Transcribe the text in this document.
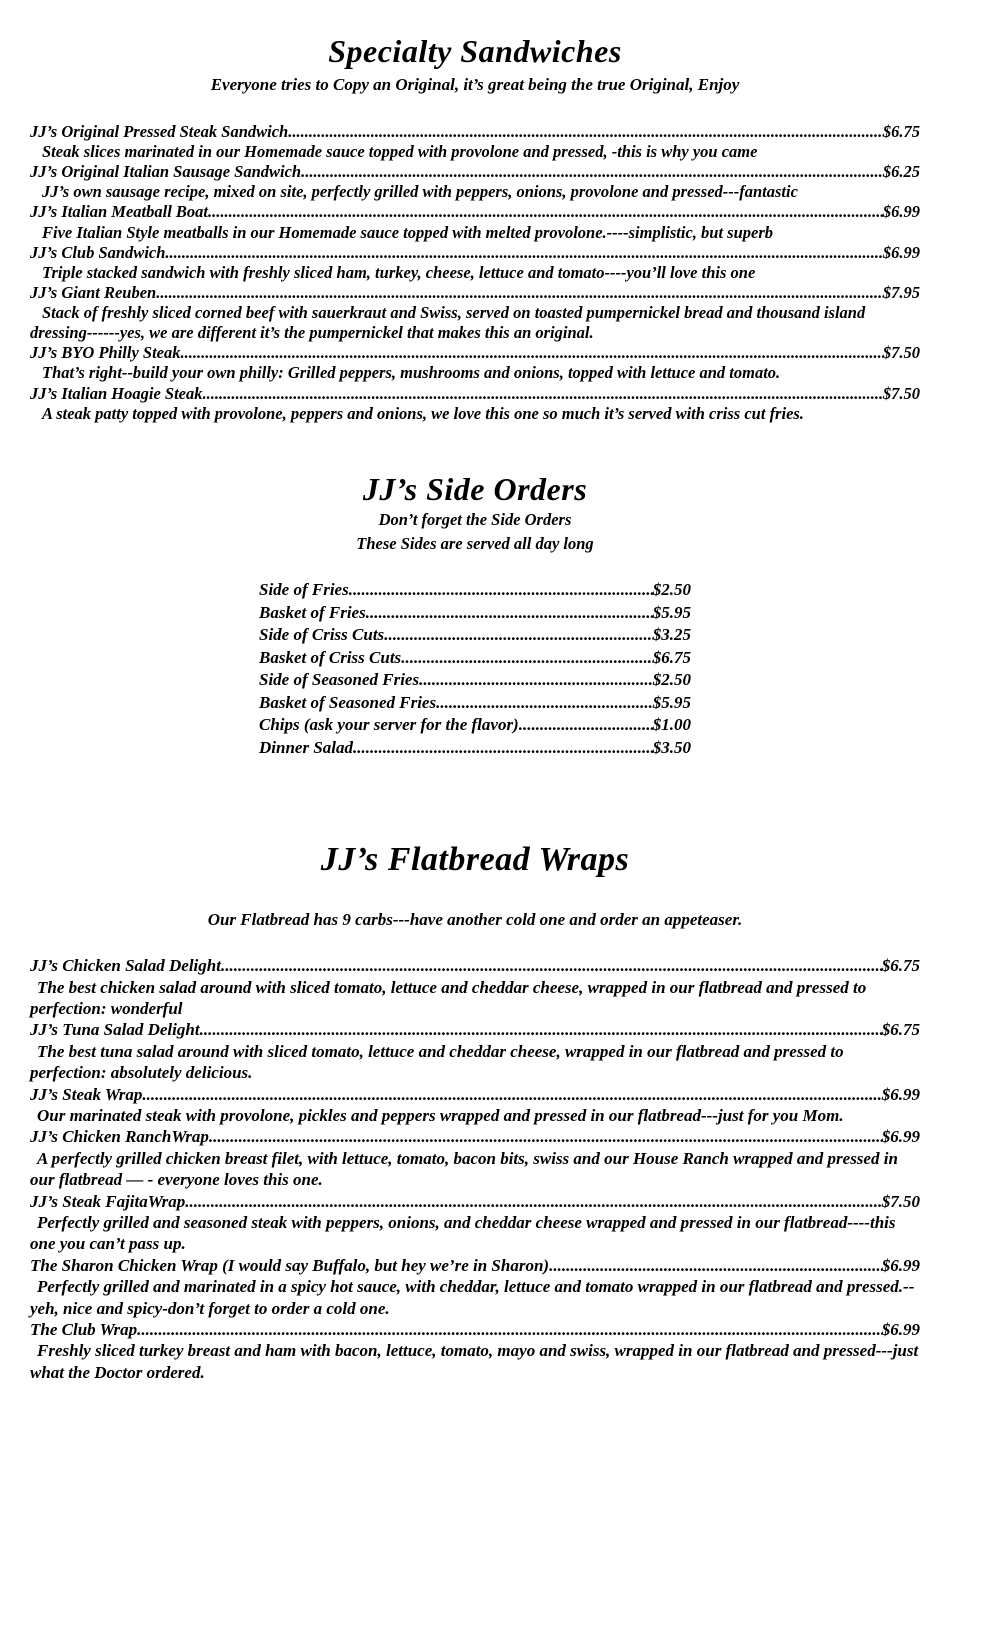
Specialty Sandwiches
Everyone tries to Copy an Original, it’s great being the true Original, Enjoy
JJ’s Original Pressed Steak Sandwich .....	$6.75

Steak slices marinated in our Homemade sauce topped with provolone and pressed, -this is why you came

JJ’s Original Italian Sausage Sandwich .....	$6.25

JJ’s own sausage recipe, mixed on site, perfectly grilled with peppers, onions, provolone and pressed---fantastic

JJ’s Italian Meatball Boat .....	$6.99

Five Italian Style meatballs in our Homemade sauce topped with melted provolone.----simplistic, but superb

JJ’s Club Sandwich .....	$6.99

Triple stacked sandwich with freshly sliced ham, turkey, cheese, lettuce and tomato----you’ll love this one

JJ’s Giant Reuben .....	$7.95

Stack of freshly sliced corned beef with sauerkraut and Swiss, served on toasted pumpernickel bread and thousand island dressing------yes, we are different it’s the pumpernickel that makes this an original.

JJ’s BYO Philly Steak .....	$7.50

That’s right--build your own philly: Grilled peppers, mushrooms and onions, topped with lettuce and tomato.

JJ’s Italian Hoagie Steak .....	$7.50

A steak patty topped with provolone, peppers and onions, we love this one so much it’s served with criss cut fries.

JJ’s Side Orders
Don’t forget the Side Orders
These Sides are served all day long
Side of Fries .....	$2.50
Basket of Fries .....	$5.95
Side of Criss Cuts .....	$3.25
Basket of Criss Cuts .....	$6.75
Side of Seasoned Fries .....	$2.50
Basket of Seasoned Fries .....	$5.95
Chips (ask your server for the flavor) .....	$1.00
Dinner Salad .....	$3.50
JJ’s Flatbread Wraps
Our Flatbread has 9 carbs---have another cold one and order an appeteaser.
JJ’s Chicken Salad Delight .....	$6.75

The best chicken salad around with sliced tomato, lettuce and cheddar cheese, wrapped in our flatbread and pressed to perfection: wonderful

JJ’s Tuna Salad Delight .....	$6.75

The best tuna salad around with sliced tomato, lettuce and cheddar cheese, wrapped in our flatbread and pressed to perfection: absolutely delicious.

JJ’s Steak Wrap .....	$6.99

Our marinated steak with provolone, pickles and peppers wrapped and pressed in our flatbread---just for you Mom.

JJ’s Chicken RanchWrap .....	$6.99

A perfectly grilled chicken breast filet, with lettuce, tomato, bacon bits, swiss and our House Ranch wrapped and pressed in our flatbread — - everyone loves this one.

JJ’s Steak FajitaWrap .....	$7.50

Perfectly grilled and seasoned steak with peppers, onions, and cheddar cheese wrapped and pressed in our flatbread----this one you can’t pass up.

The Sharon Chicken Wrap (I would say Buffalo, but hey we’re in Sharon) .....	$6.99

Perfectly grilled and marinated in a spicy hot sauce, with cheddar, lettuce and tomato wrapped in our flatbread and pressed.--yeh, nice and spicy-don’t forget to order a cold one.

The Club Wrap .....	$6.99

Freshly sliced turkey breast and ham with bacon, lettuce, tomato, mayo and swiss, wrapped in our flatbread and pressed---just what the Doctor ordered.
